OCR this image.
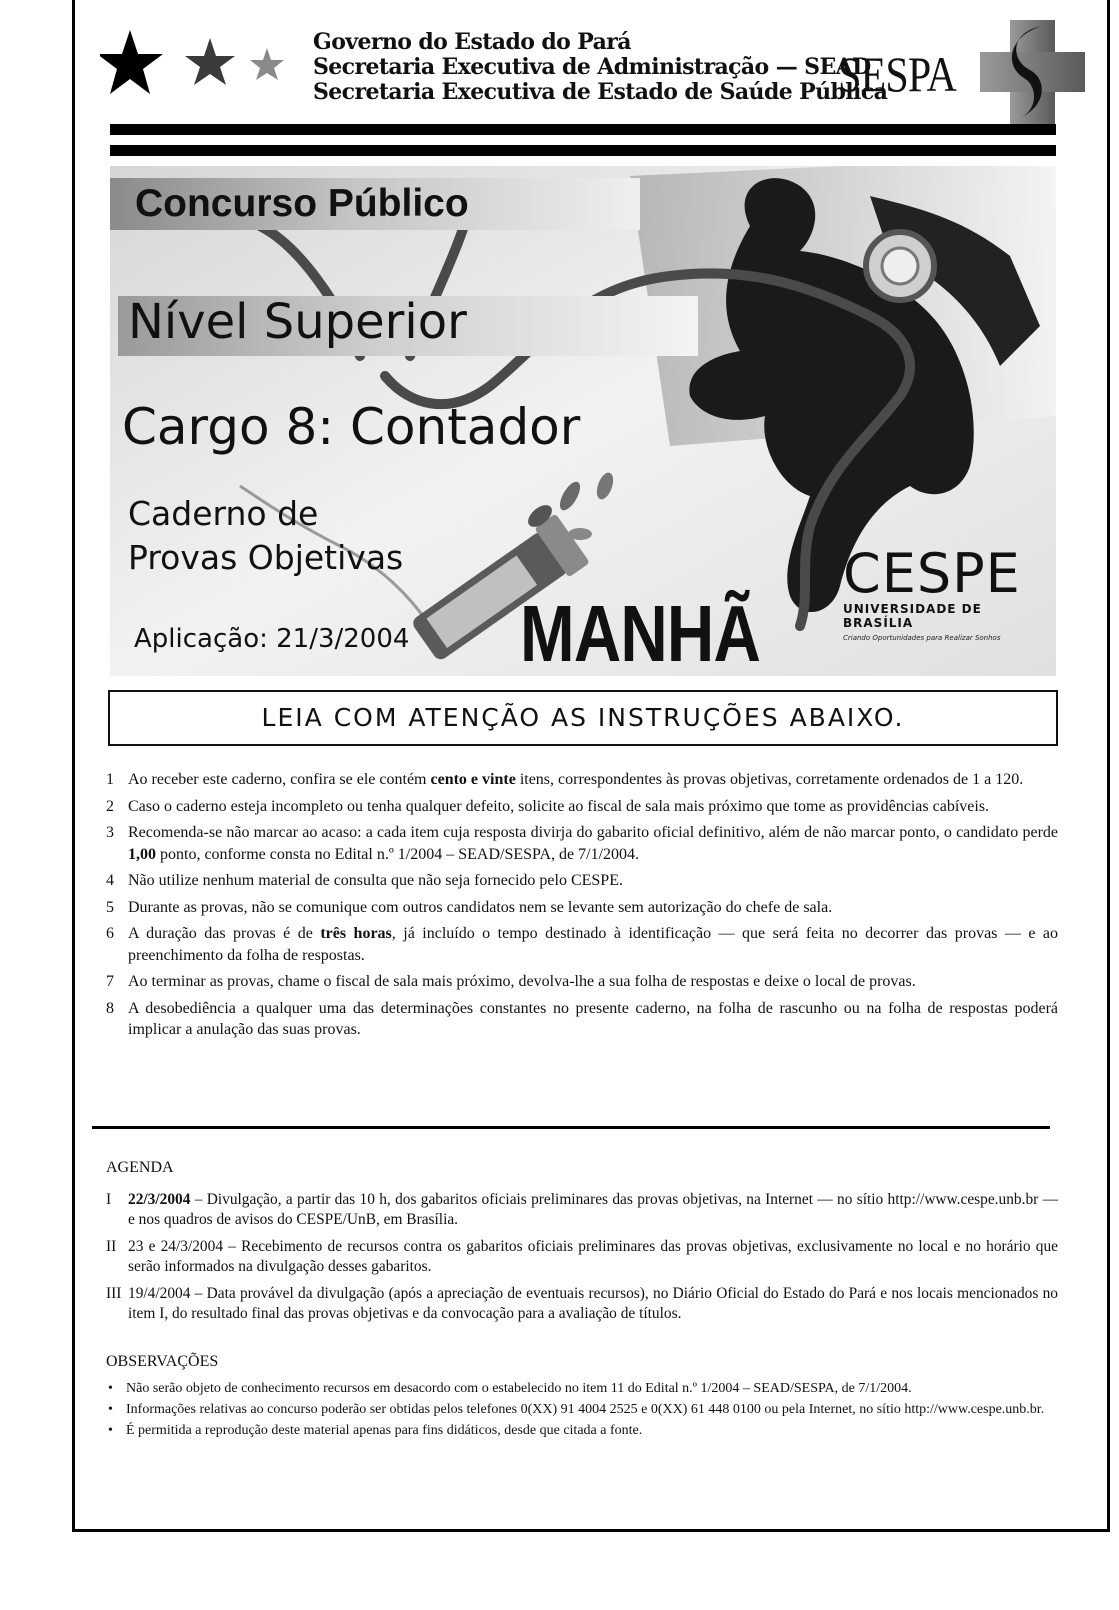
Governo do Estado do Pará
Secretaria Executiva de Administração — SEAD
Secretaria Executiva de Estado de Saúde Pública
SESPA
Concurso Público
Nível Superior
Cargo 8: Contador
Caderno de
Provas Objetivas
MANHÃ
Aplicação: 21/3/2004
CESPE
UNIVERSIDADE DE BRASÍLIA
Criando Oportunidades para Realizar Sonhos
LEIA COM ATENÇÃO AS INSTRUÇÕES ABAIXO.
1 Ao receber este caderno, confira se ele contém cento e vinte itens, correspondentes às provas objetivas, corretamente ordenados de 1 a 120.
2 Caso o caderno esteja incompleto ou tenha qualquer defeito, solicite ao fiscal de sala mais próximo que tome as providências cabíveis.
3 Recomenda-se não marcar ao acaso: a cada item cuja resposta divirja do gabarito oficial definitivo, além de não marcar ponto, o candidato perde 1,00 ponto, conforme consta no Edital n.º 1/2004 – SEAD/SESPA, de 7/1/2004.
4 Não utilize nenhum material de consulta que não seja fornecido pelo CESPE.
5 Durante as provas, não se comunique com outros candidatos nem se levante sem autorização do chefe de sala.
6 A duração das provas é de três horas, já incluído o tempo destinado à identificação — que será feita no decorrer das provas — e ao preenchimento da folha de respostas.
7 Ao terminar as provas, chame o fiscal de sala mais próximo, devolva-lhe a sua folha de respostas e deixe o local de provas.
8 A desobediência a qualquer uma das determinações constantes no presente caderno, na folha de rascunho ou na folha de respostas poderá implicar a anulação das suas provas.
AGENDA
I 22/3/2004 – Divulgação, a partir das 10 h, dos gabaritos oficiais preliminares das provas objetivas, na Internet — no sítio http://www.cespe.unb.br — e nos quadros de avisos do CESPE/UnB, em Brasília.
II 23 e 24/3/2004 – Recebimento de recursos contra os gabaritos oficiais preliminares das provas objetivas, exclusivamente no local e no horário que serão informados na divulgação desses gabaritos.
III 19/4/2004 – Data provável da divulgação (após a apreciação de eventuais recursos), no Diário Oficial do Estado do Pará e nos locais mencionados no item I, do resultado final das provas objetivas e da convocação para a avaliação de títulos.
OBSERVAÇÕES
• Não serão objeto de conhecimento recursos em desacordo com o estabelecido no item 11 do Edital n.º 1/2004 – SEAD/SESPA, de 7/1/2004.
• Informações relativas ao concurso poderão ser obtidas pelos telefones 0(XX) 91 4004 2525 e 0(XX) 61 448 0100 ou pela Internet, no sítio http://www.cespe.unb.br.
• É permitida a reprodução deste material apenas para fins didáticos, desde que citada a fonte.
